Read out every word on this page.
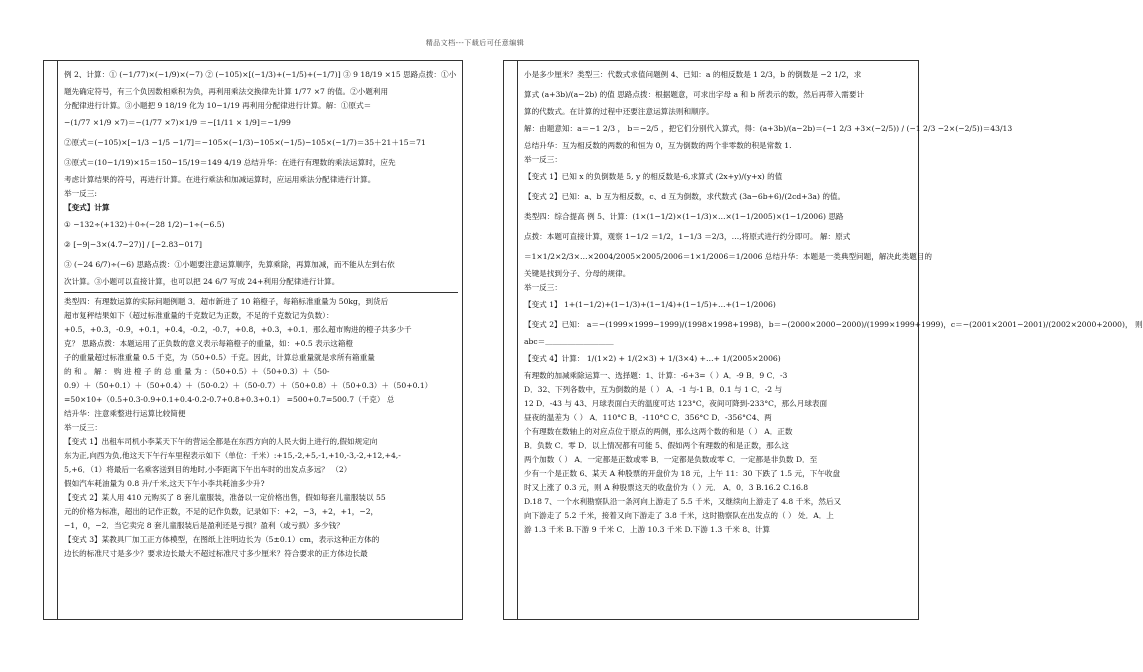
精品文档---下载后可任意编辑
例 2、计算：① (−1/77)×(−1/9)×(−7) ② (−105)×[(−1/3)+(−1/5)+(−1/7)] ③ 9 18/19 ×15 思路点拨：①小
题先确定符号，有三个负因数相乘积为负，再利用乘法交换律先计算 1/77 ×7 的值。②小题利用
分配律进行计算。③小题把 9 18/19 化为 10−1/19 再利用分配律进行计算。解：①原式＝
−(1/77 ×1/9 ×7)＝−(1/77 ×7)×1/9 ＝−[1/11 × 1/9]＝−1/99
②原式＝(−105)×[−1/3 −1/5 −1/7]＝−105×(−1/3)−105×(−1/5)−105×(−1/7)＝35＋21＋15＝71
③原式＝(10−1/19)×15＝150−15/19＝149 4/19 总结升华：在进行有理数的乘法运算时，应先
考虑计算结果的符号，再进行计算。在进行乘法和加减运算时，应运用乘法分配律进行计算。
举一反三:
【变式】计算
① −132÷(+132)＋0÷(−28 1/2)−1÷(−6.5)
② [−9|−3×(4.7−27)] / [−2.83−017]
③ (−24 6/7)÷(−6) 思路点拨：①小题要注意运算顺序，先算乘除，再算加减，而不能从左到右依
次计算。③小题可以直接计算，也可以把 24 6/7 写成 24+利用分配律进行计算。
类型四：有理数运算的实际问题例题 3．超市新进了 10 箱橙子，每箱标准重量为 50kg，到货后
超市复秤结果如下（超过标准重量的千克数记为正数，不足的千克数记为负数）：
+0.5，+0.3，-0.9，+0.1，+0.4，-0.2，-0.7，+0.8，+0.3，+0.1．那么超市购进的橙子共多少千
克？ 思路点拨：本题运用了正负数的意义表示每箱橙子的重量，如：+0.5 表示这箱橙
子的重量超过标准重量 0.5 千克，为（50+0.5）千克。因此，计算总重量就是求所有箱重量
的 和 。 解 ： 购 进 橙 子 的 总 重 量 为 ：（50+0.5）＋（50+0.3）＋（50-
0.9）＋（50+0.1）＋（50+0.4）＋（50-0.2）＋（50-0.7）＋（50+0.8）＋（50+0.3）＋（50+0.1）
=50×10+（0.5+0.3-0.9+0.1+0.4-0.2-0.7+0.8+0.3+0.1） =500+0.7=500.7（千克） 总
结升华：注意乘整进行运算比较简便
举一反三：
【变式 1】出租车司机小李某天下午的营运全都是在东西方向的人民大街上进行的,假如规定向
东为正,向西为负,他这天下午行车里程表示如下（单位：千米）:+15,-2,+5,-1,+10,-3,-2,+12,+4,-
5,+6．（1）将最后一名乘客送到目的地时,小李距离下午出车时的出发点多远？ （2）
假如汽车耗油量为 0.8 升/千米,这天下午小李共耗油多少升?
【变式 2】某人用 410 元购买了 8 套儿童服装，准备以一定价格出售，假如每套儿童服装以 55
元的价格为标准，超出的记作正数，不足的记作负数，记录如下：+2，−3，+2，+1，−2，
−1，0，−2．当它卖完 8 套儿童服装后是盈利还是亏损？盈利（或亏损）多少钱？
【变式 3】某教具厂加工正方体模型，在图纸上注明边长为（5±0.1）cm，表示这种正方体的
边长的标准尺寸是多少？要求边长最大不超过标准尺寸多少厘米？符合要求的正方体边长最
小是多少厘米？类型三：代数式求值问题例 4、已知：a 的相反数是 1 2/3，b 的倒数是 −2 1/2，求
算式 (a+3b)/(a−2b) 的值 思路点拨：根据题意，可求出字母 a 和 b 所表示的数，然后再带入需要计
算的代数式。在计算的过程中还要注意运算法则和顺序。
解：由题意知：a＝−1 2/3 ， b＝−2/5 ，把它们分别代入算式，得：(a+3b)/(a−2b)＝(−1 2/3 +3×(−2/5)) / (−1 2/3 −2×(−2/5))＝43/13
总结升华：互为相反数的两数的和恒为 0，互为倒数的两个非零数的积是常数 1.
举一反三：
【变式 1】已知 x 的负倒数是 5, y 的相反数是-6,求算式 (2x+y)/(y+x) 的值
【变式 2】已知：a、b 互为相反数，c、d 互为倒数，求代数式 (3a−6b+6)/(2cd+3a) 的值。
类型四：综合提高 例 5、计算：(1×(1−1/2)×(1−1/3)×…×(1−1/2005)×(1−1/2006) 思路
点拨：本题可直接计算，观察 1−1/2 ＝1/2，1−1/3 ＝2/3，…,将原式进行约分即可。 解：原式
＝1×1/2×2/3×…×2004/2005×2005/2006＝1×1/2006＝1/2006 总结升华：本题是一类典型问题，解决此类题目的
关键是找到分子、分母的规律。
举一反三：
【变式 1】 1+(1−1/2)+(1−1/3)+(1−1/4)+(1−1/5)+…+(1−1/2006)
【变式 2】已知： a＝−(1999×1999−1999)/(1998×1998+1998)，b＝−(2000×2000−2000)/(1999×1999+1999)，c＝−(2001×2001−2001)/(2002×2000+2000)， 则
abc＝＿＿＿＿＿＿＿＿＿
【变式 4】计算： 1/(1×2) + 1/(2×3) + 1/(3×4) +…+ 1/(2005×2006)
有理数的加减乘除运算一、选择题：1、计算：-6+3=（ ）A．-9 B．9 C．-3
D．32、下列各数中，互为倒数的是（ ） A．-1 与-1 B．0.1 与 1 C．-2 与
12 D．-43 与 43、月球表面白天的温度可达 123°C，夜间可降到-233°C，那么月球表面
昼夜的温差为（ ） A．110°C B．-110°C C．356°C D．-356°C4、两
个有理数在数轴上的对应点位于原点的两侧，那么这两个数的和是（ ） A．正数
B．负数 C．零 D．以上情况都有可能 5、假如两个有理数的和是正数，那么这
两个加数（ ） A．一定都是正数或零 B．一定都是负数或零 C．一定都是非负数 D．至
少有一个是正数 6、某天 A 种股票的开盘价为 18 元，上午 11：30 下跌了 1.5 元，下午收盘
时又上涨了 0.3 元，则 A 种股票这天的收盘价为（ ）元． A．0．3 B.16.2 C.16.8
D.18 7、一个水利勘察队沿一条河向上游走了 5.5 千米，又继续向上游走了 4.8 千米，然后又
向下游走了 5.2 千米，接着又向下游走了 3.8 千米，这时勘察队在出发点的（ ） 处．A．上
游 1.3 千米 B.下游 9 千米 C．上游 10.3 千米 D.下游 1.3 千米 8、计算
